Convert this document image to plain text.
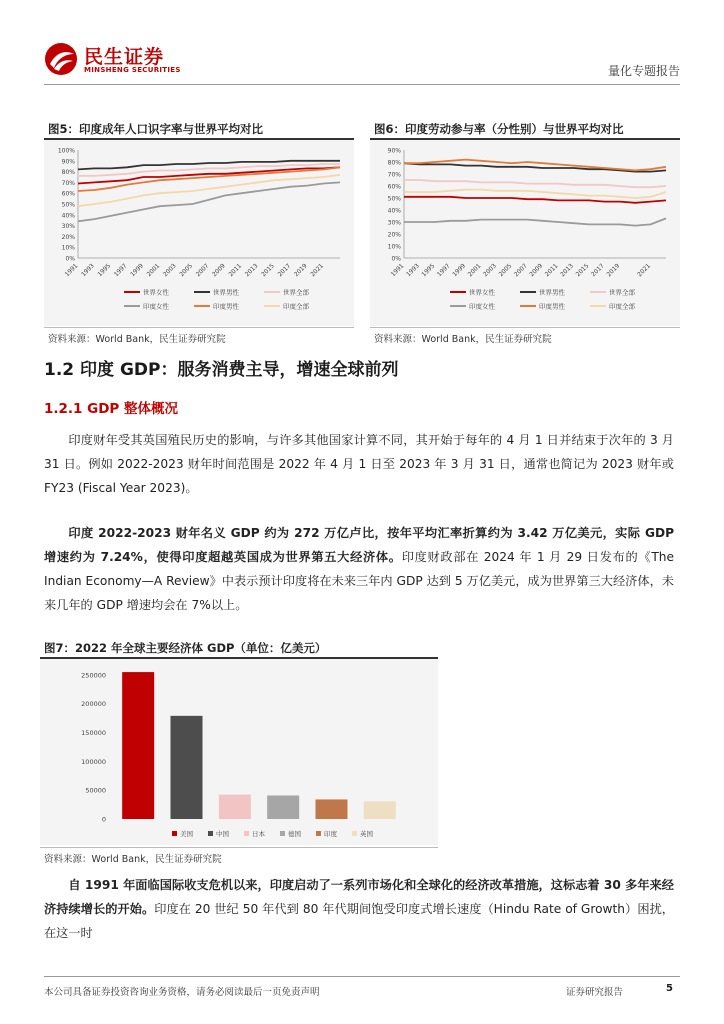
民生证券
MINSHENG SECURITIES	量化专题报告
图5：印度成年人口识字率与世界平均对比
0%
10%
20%
30%
40%
50%
60%
70%
80%
90%
100%
1991 1993 1995 1997 1999 2001 2003 2005 2007 2009 2011 2013 2015 2017 2019 2021
世界女性	世界男性	世界全部
印度女性	印度男性	印度全部
资料来源：World Bank，民生证券研究院
图6：印度劳动参与率（分性别）与世界平均对比
0%
10%
20%
30%
40%
50%
60%
70%
80%
90%
1991 1993 1995 1997 1999 2001 2003 2005 2007 2009 2011 2013 2015 2017 2019	2021
世界女性	世界男性	世界全部
印度女性	印度男性	印度全部
资料来源：World Bank，民生证券研究院
1.2 印度 GDP：服务消费主导，增速全球前列
1.2.1 GDP 整体概况
印度财年受其英国殖民历史的影响，与许多其他国家计算不同，其开始于每年的 4 月 1 日并结束于次年的 3 月 31 日。例如 2022-2023 财年时间范围是 2022 年 4 月 1 日至 2023 年 3 月 31 日，通常也简记为 2023 财年或 FY23 (Fiscal Year 2023)。
印度 2022-2023 财年名义 GDP 约为 272 万亿卢比，按年平均汇率折算约为 3.42 万亿美元，实际 GDP 增速约为 7.24%，使得印度超越英国成为世界第五大经济体。印度财政部在 2024 年 1 月 29 日发布的《The Indian Economy—A Review》中表示预计印度将在未来三年内 GDP 达到 5 万亿美元，成为世界第三大经济体，未来几年的 GDP 增速均会在 7%以上。
图7：2022 年全球主要经济体 GDP（单位：亿美元）
0
50000
100000
150000
200000
250000
美国	中国	日本	德国	印度	英国
资料来源：World Bank，民生证券研究院
自 1991 年面临国际收支危机以来，印度启动了一系列市场化和全球化的经济改革措施，这标志着 30 多年来经济持续增长的开始。印度在 20 世纪 50 年代到 80 年代期间饱受印度式增长速度（Hindu Rate of Growth）困扰，在这一时
本公司具备证券投资咨询业务资格，请务必阅读最后一页免责声明	证券研究报告	5
